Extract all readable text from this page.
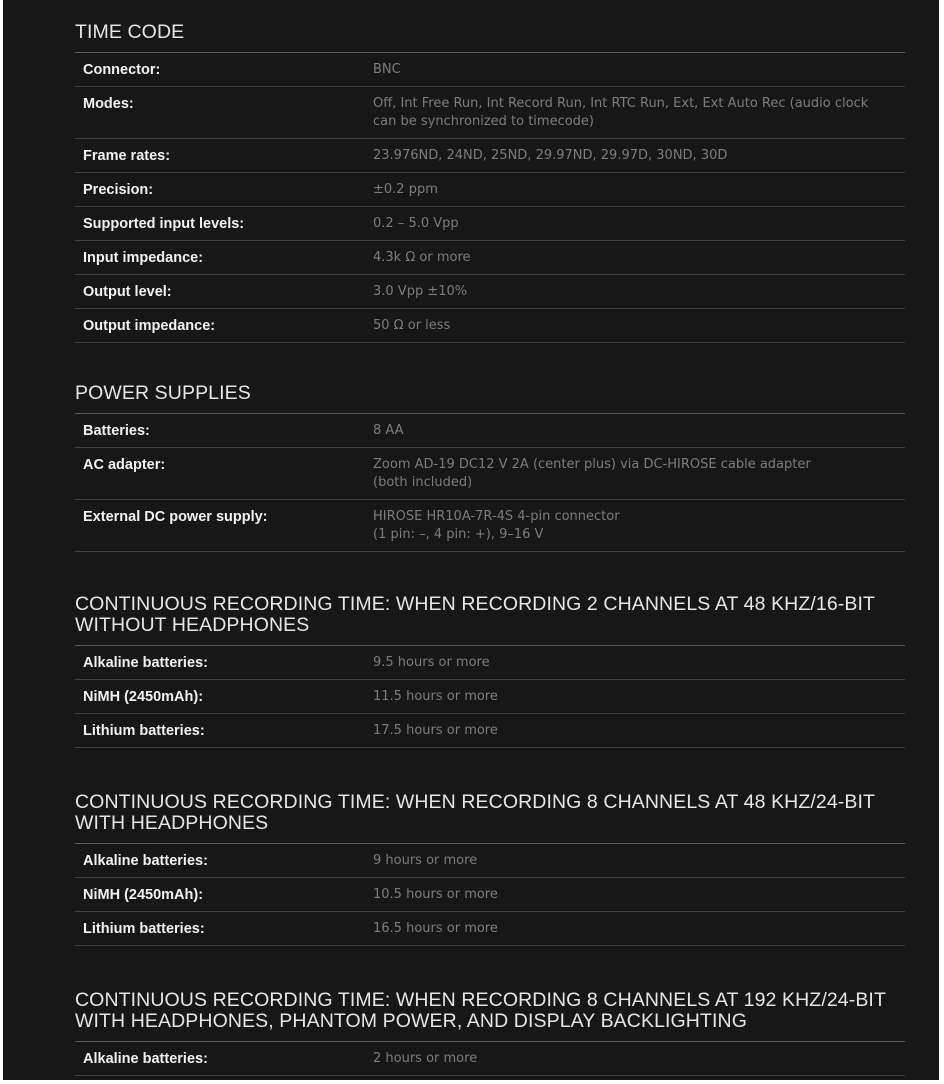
TIME CODE
Connector:	BNC
Modes:	Off, Int Free Run, Int Record Run, Int RTC Run, Ext, Ext Auto Rec (audio clock
can be synchronized to timecode)
Frame rates:	23.976ND, 24ND, 25ND, 29.97ND, 29.97D, 30ND, 30D
Precision:	±0.2 ppm
Supported input levels:	0.2 – 5.0 Vpp
Input impedance:	4.3k Ω or more
Output level:	3.0 Vpp ±10%
Output impedance:	50 Ω or less
POWER SUPPLIES
Batteries:	8 AA
AC adapter:	Zoom AD-19 DC12 V 2A (center plus) via DC-HIROSE cable adapter
(both included)
External DC power supply:	HIROSE HR10A-7R-4S 4-pin connector
(1 pin: –, 4 pin: +), 9–16 V
CONTINUOUS RECORDING TIME: WHEN RECORDING 2 CHANNELS AT 48 KHZ/16-BIT WITHOUT HEADPHONES
Alkaline batteries:	9.5 hours or more
NiMH (2450mAh):	11.5 hours or more
Lithium batteries:	17.5 hours or more
CONTINUOUS RECORDING TIME: WHEN RECORDING 8 CHANNELS AT 48 KHZ/24-BIT WITH HEADPHONES
Alkaline batteries:	9 hours or more
NiMH (2450mAh):	10.5 hours or more
Lithium batteries:	16.5 hours or more
CONTINUOUS RECORDING TIME: WHEN RECORDING 8 CHANNELS AT 192 KHZ/24-BIT WITH HEADPHONES, PHANTOM POWER, AND DISPLAY BACKLIGHTING
Alkaline batteries:	2 hours or more
